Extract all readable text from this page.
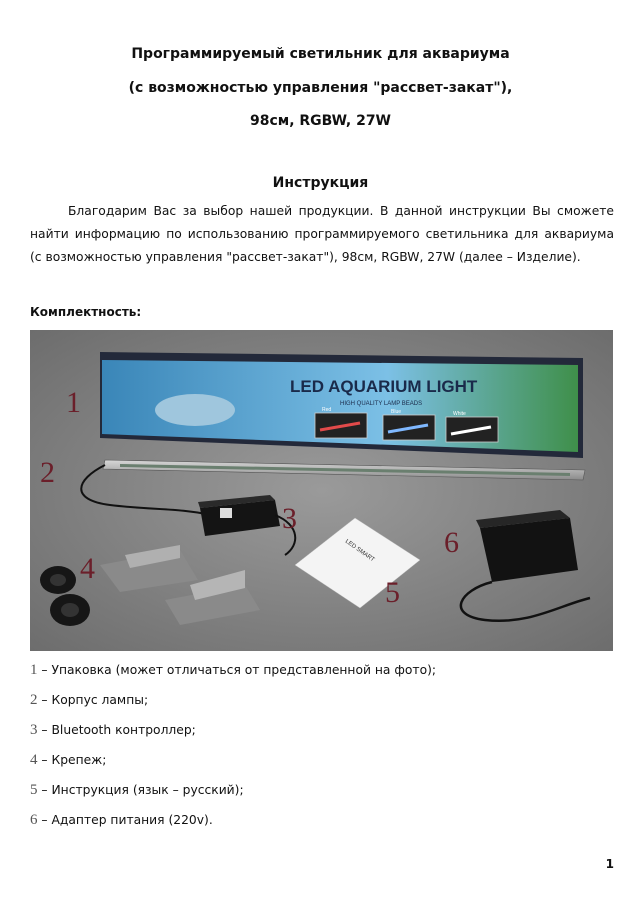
Программируемый светильник для аквариума
(с возможностью управления "рассвет-закат"),
98см, RGBW, 27W
Инструкция
Благодарим Вас за выбор нашей продукции. В данной инструкции Вы сможете найти информацию по использованию программируемого светильника для аквариума (с возможностью управления "рассвет-закат"), 98см, RGBW, 27W (далее – Изделие).
Комплектность:
LED AQUARIUM LIGHT
HIGH QUALITY LAMP BEADS
Red	Blue	White
LED SMART
1
2
3
4
5
6
1 – Упаковка (может отличаться от представленной на фото);
2 – Корпус лампы;
3 – Bluetooth контроллер;
4 – Крепеж;
5 – Инструкция (язык – русский);
6 – Адаптер питания (220v).
1
